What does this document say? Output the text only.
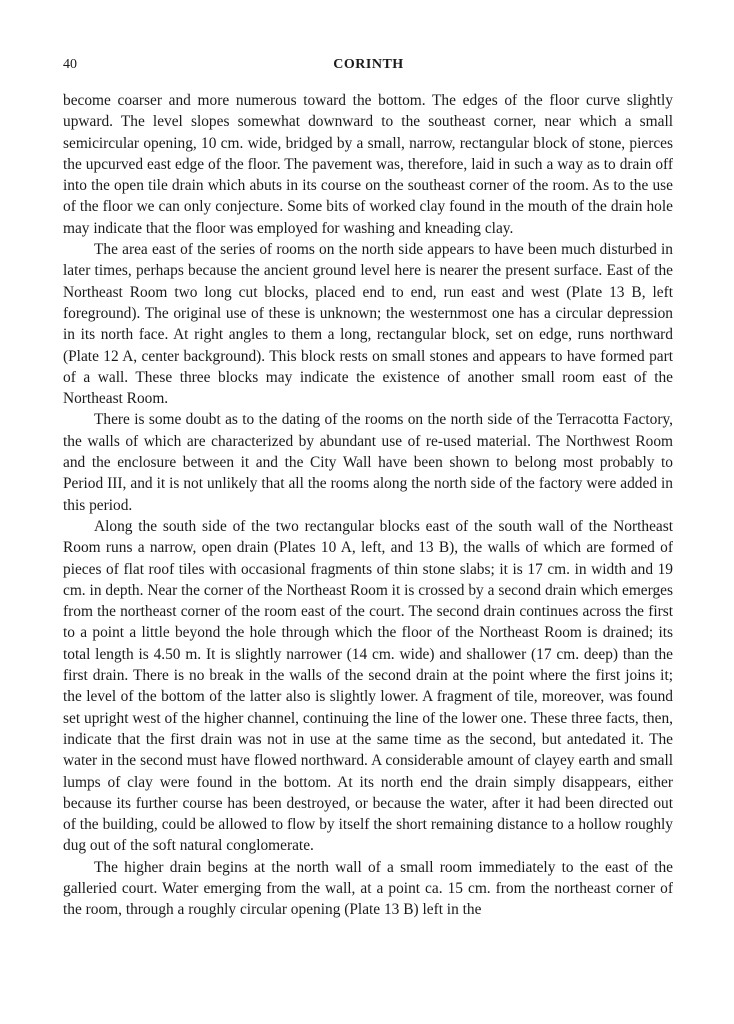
40	CORINTH

become coarser and more numerous toward the bottom. The edges of the floor curve slightly upward. The level slopes somewhat downward to the southeast corner, near which a small semicircular opening, 10 cm. wide, bridged by a small, narrow, rectangular block of stone, pierces the upcurved east edge of the floor. The pavement was, therefore, laid in such a way as to drain off into the open tile drain which abuts in its course on the southeast corner of the room. As to the use of the floor we can only conjecture. Some bits of worked clay found in the mouth of the drain hole may indicate that the floor was employed for washing and kneading clay.

The area east of the series of rooms on the north side appears to have been much disturbed in later times, perhaps because the ancient ground level here is nearer the present surface. East of the Northeast Room two long cut blocks, placed end to end, run east and west (Plate 13 B, left foreground). The original use of these is unknown; the westernmost one has a circular depression in its north face. At right angles to them a long, rectangular block, set on edge, runs northward (Plate 12 A, center background). This block rests on small stones and appears to have formed part of a wall. These three blocks may indicate the existence of another small room east of the Northeast Room.

There is some doubt as to the dating of the rooms on the north side of the Terracotta Factory, the walls of which are characterized by abundant use of re-used material. The Northwest Room and the enclosure between it and the City Wall have been shown to belong most probably to Period III, and it is not unlikely that all the rooms along the north side of the factory were added in this period.

Along the south side of the two rectangular blocks east of the south wall of the Northeast Room runs a narrow, open drain (Plates 10 A, left, and 13 B), the walls of which are formed of pieces of flat roof tiles with occasional fragments of thin stone slabs; it is 17 cm. in width and 19 cm. in depth. Near the corner of the Northeast Room it is crossed by a second drain which emerges from the northeast corner of the room east of the court. The second drain continues across the first to a point a little beyond the hole through which the floor of the Northeast Room is drained; its total length is 4.50 m. It is slightly narrower (14 cm. wide) and shallower (17 cm. deep) than the first drain. There is no break in the walls of the second drain at the point where the first joins it; the level of the bottom of the latter also is slightly lower. A fragment of tile, moreover, was found set upright west of the higher channel, continuing the line of the lower one. These three facts, then, indicate that the first drain was not in use at the same time as the second, but antedated it. The water in the second must have flowed northward. A considerable amount of clayey earth and small lumps of clay were found in the bottom. At its north end the drain simply disappears, either because its further course has been destroyed, or because the water, after it had been directed out of the building, could be allowed to flow by itself the short remaining distance to a hollow roughly dug out of the soft natural conglomerate.

The higher drain begins at the north wall of a small room immediately to the east of the galleried court. Water emerging from the wall, at a point ca. 15 cm. from the northeast corner of the room, through a roughly circular opening (Plate 13 B) left in the
